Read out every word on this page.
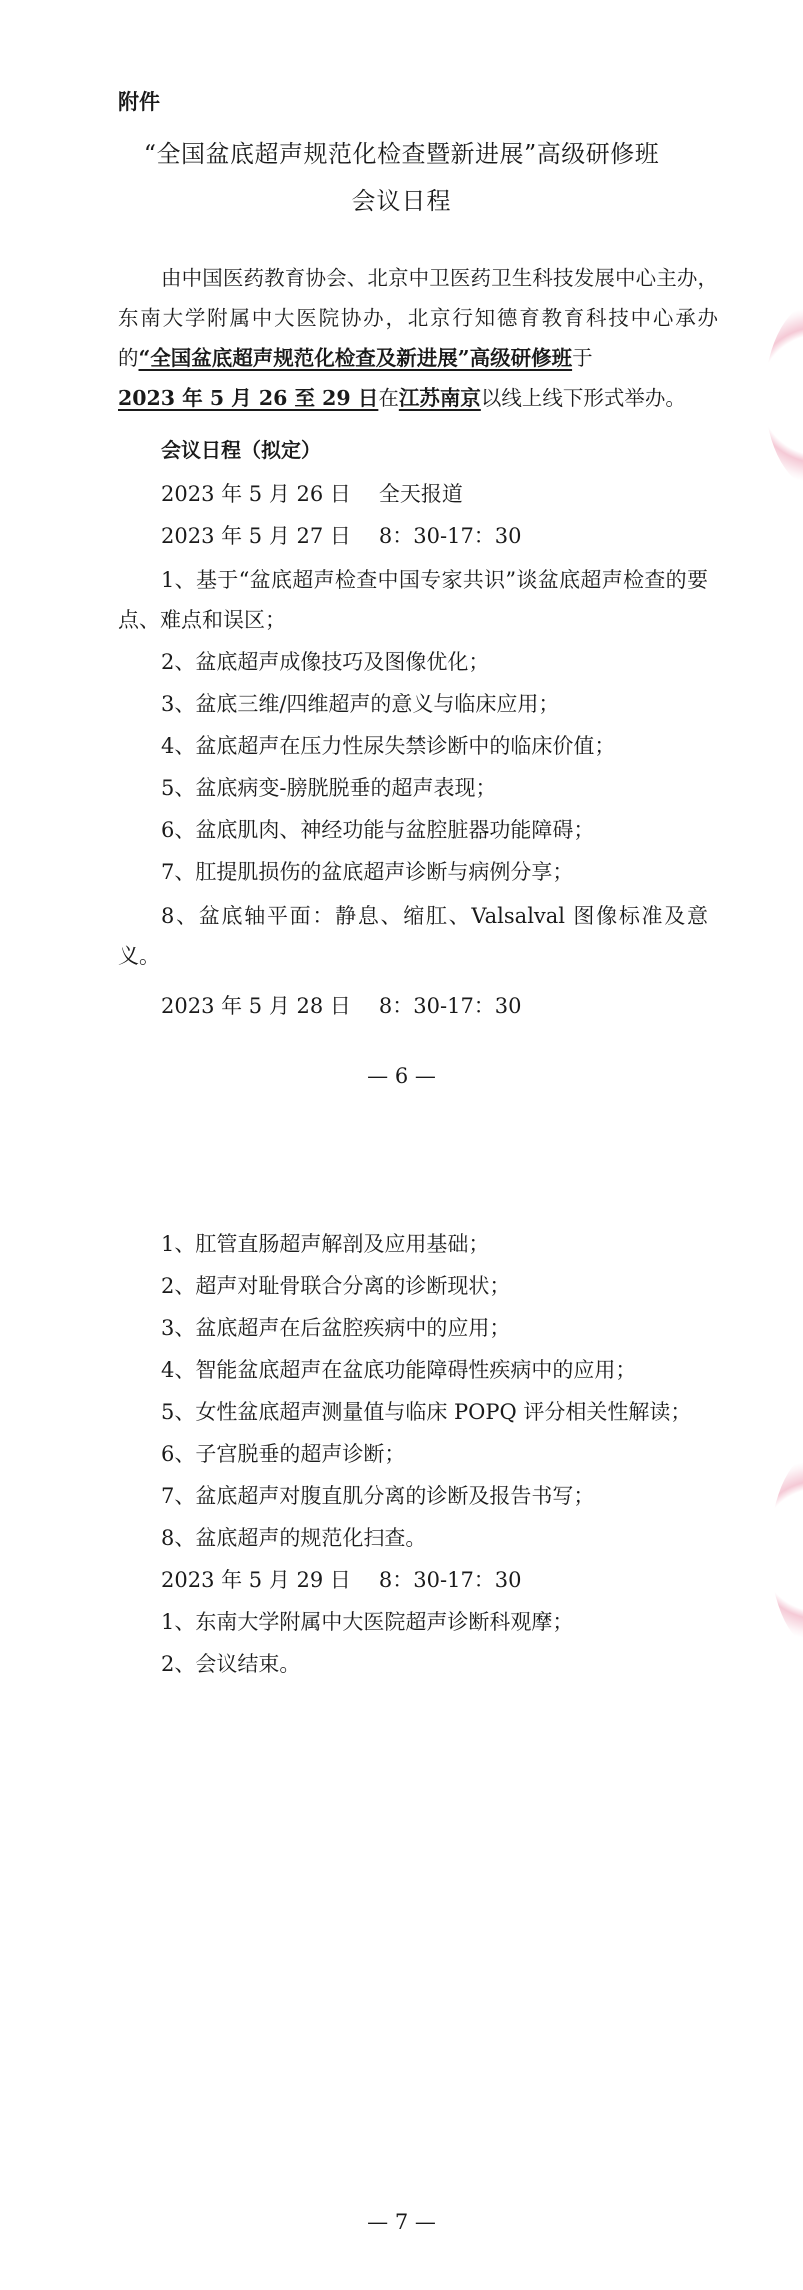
附件
“全国盆底超声规范化检查暨新进展”高级研修班
会议日程
由中国医药教育协会、北京中卫医药卫生科技发展中心主办，东南大学附属中大医院协办，北京行知德育教育科技中心承办的“全国盆底超声规范化检查及新进展”高级研修班于
2023 年 5 月 26 至 29 日在江苏南京以线上线下形式举办。
会议日程（拟定）
2023 年 5 月 26 日 全天报道
2023 年 5 月 27 日 8：30-17：30
1、基于“盆底超声检查中国专家共识”谈盆底超声检查的要点、难点和误区；
2、盆底超声成像技巧及图像优化；
3、盆底三维/四维超声的意义与临床应用；
4、盆底超声在压力性尿失禁诊断中的临床价值；
5、盆底病变-膀胱脱垂的超声表现；
6、盆底肌肉、神经功能与盆腔脏器功能障碍；
7、肛提肌损伤的盆底超声诊断与病例分享；
8、盆底轴平面：静息、缩肛、Valsalval 图像标准及意义。
2023 年 5 月 28 日 8：30-17：30
— 6 —
1、肛管直肠超声解剖及应用基础；
2、超声对耻骨联合分离的诊断现状；
3、盆底超声在后盆腔疾病中的应用；
4、智能盆底超声在盆底功能障碍性疾病中的应用；
5、女性盆底超声测量值与临床 POPQ 评分相关性解读；
6、子宫脱垂的超声诊断；
7、盆底超声对腹直肌分离的诊断及报告书写；
8、盆底超声的规范化扫查。
2023 年 5 月 29 日 8：30-17：30
1、东南大学附属中大医院超声诊断科观摩；
2、会议结束。
— 7 —
